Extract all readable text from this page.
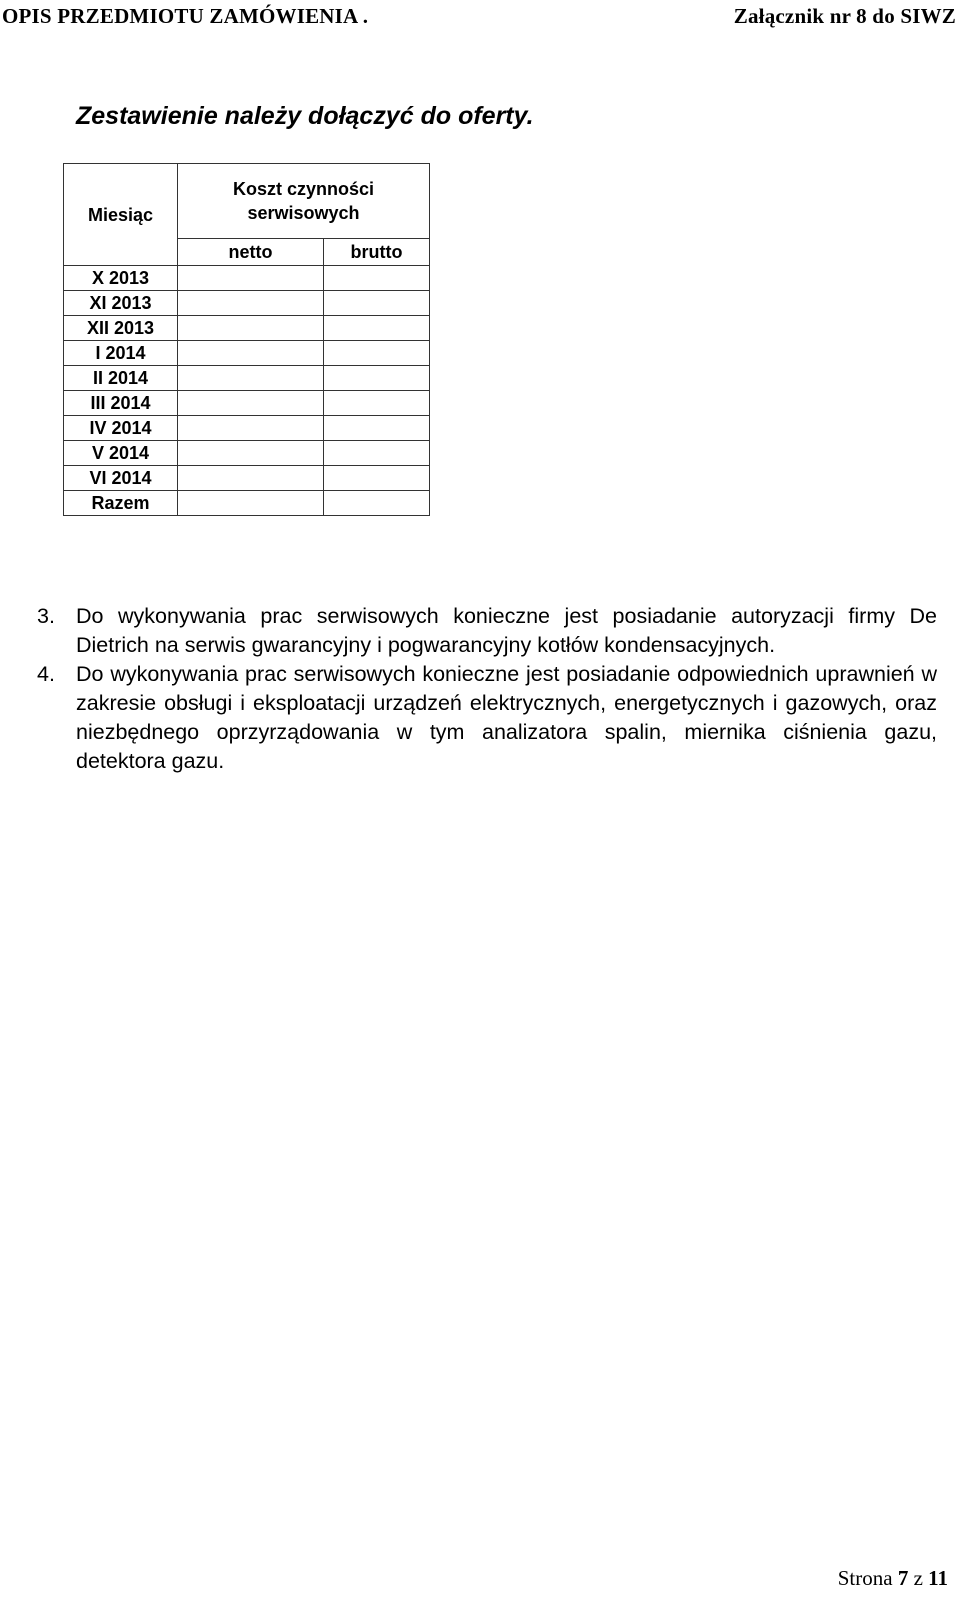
OPIS PRZEDMIOTU ZAMÓWIENIA .	Załącznik nr 8 do SIWZ
Zestawienie należy dołączyć do oferty.
Miesiąc	Koszt czynności serwisowych	
	netto	brutto
X 2013		
XI 2013		
XII 2013		
I 2014		
II 2014		
III 2014		
IV 2014		
V 2014		
VI 2014		
Razem		
3. Do wykonywania prac serwisowych konieczne jest posiadanie autoryzacji firmy De Dietrich na serwis gwarancyjny i pogwarancyjny kotłów kondensacyjnych.
4. Do wykonywania prac serwisowych konieczne jest posiadanie odpowiednich uprawnień w zakresie obsługi i eksploatacji urządzeń elektrycznych, energetycznych i gazowych, oraz niezbędnego oprzyrządowania w tym analizatora spalin, miernika ciśnienia gazu, detektora gazu.
Strona 7 z 11
